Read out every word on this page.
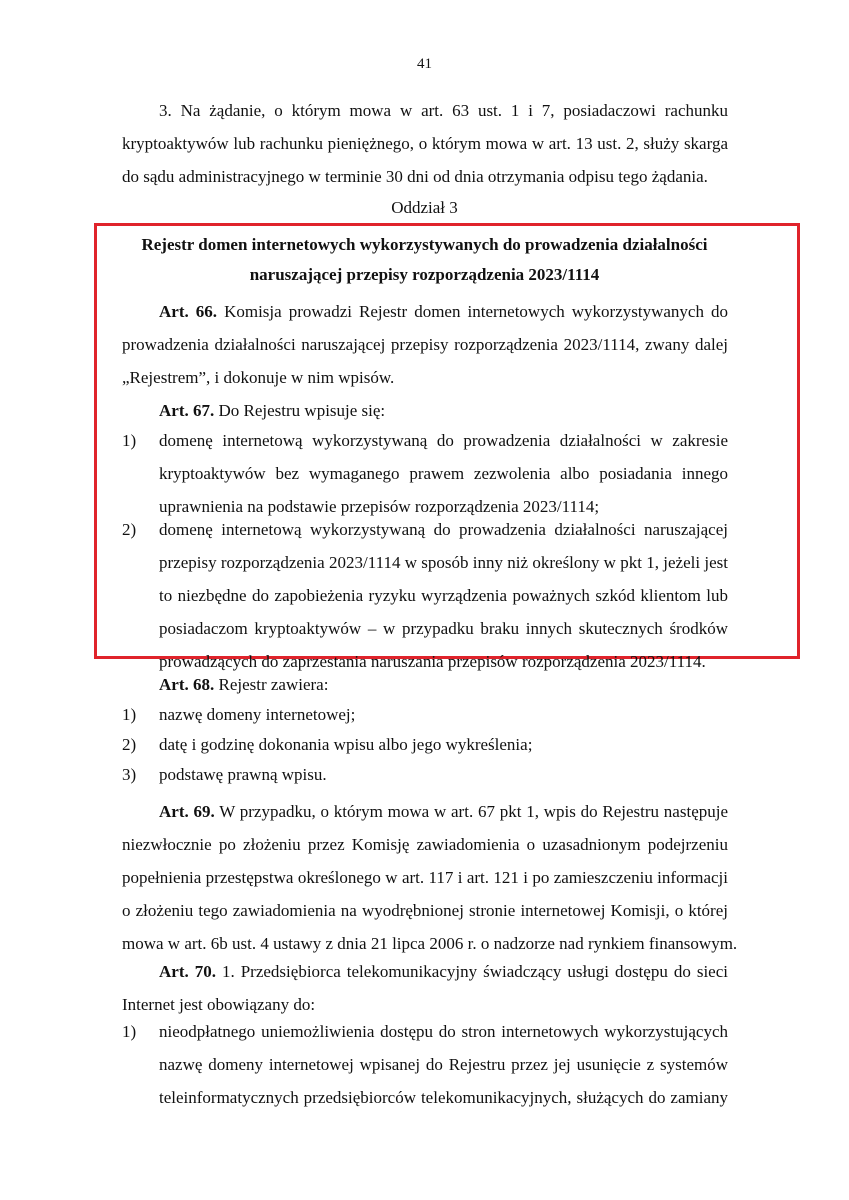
41
3. Na żądanie, o którym mowa w art. 63 ust. 1 i 7, posiadaczowi rachunku
kryptoaktywów lub rachunku pieniężnego, o którym mowa w art. 13 ust. 2, służy skarga
do sądu administracyjnego w terminie 30 dni od dnia otrzymania odpisu tego żądania.
Oddział 3
Rejestr domen internetowych wykorzystywanych do prowadzenia działalności
naruszającej przepisy rozporządzenia 2023/1114
Art. 66. Komisja prowadzi Rejestr domen internetowych wykorzystywanych do
prowadzenia działalności naruszającej przepisy rozporządzenia 2023/1114, zwany dalej
„Rejestrem”, i dokonuje w nim wpisów.
Art. 67. Do Rejestru wpisuje się:
1) domenę internetową wykorzystywaną do prowadzenia działalności w zakresie
kryptoaktywów bez wymaganego prawem zezwolenia albo posiadania innego
uprawnienia na podstawie przepisów rozporządzenia 2023/1114;
2) domenę internetową wykorzystywaną do prowadzenia działalności naruszającej
przepisy rozporządzenia 2023/1114 w sposób inny niż określony w pkt 1, jeżeli jest
to niezbędne do zapobieżenia ryzyku wyrządzenia poważnych szkód klientom lub
posiadaczom kryptoaktywów – w przypadku braku innych skutecznych środków
prowadzących do zaprzestania naruszania przepisów rozporządzenia 2023/1114.
Art. 68. Rejestr zawiera:
1) nazwę domeny internetowej;
2) datę i godzinę dokonania wpisu albo jego wykreślenia;
3) podstawę prawną wpisu.
Art. 69. W przypadku, o którym mowa w art. 67 pkt 1, wpis do Rejestru następuje
niezwłocznie po złożeniu przez Komisję zawiadomienia o uzasadnionym podejrzeniu
popełnienia przestępstwa określonego w art. 117 i art. 121 i po zamieszczeniu informacji
o złożeniu tego zawiadomienia na wyodrębnionej stronie internetowej Komisji, o której
mowa w art. 6b ust. 4 ustawy z dnia 21 lipca 2006 r. o nadzorze nad rynkiem finansowym.
Art. 70. 1. Przedsiębiorca telekomunikacyjny świadczący usługi dostępu do sieci
Internet jest obowiązany do:
1) nieodpłatnego uniemożliwienia dostępu do stron internetowych wykorzystujących
nazwę domeny internetowej wpisanej do Rejestru przez jej usunięcie z systemów
teleinformatycznych przedsiębiorców telekomunikacyjnych, służących do zamiany
